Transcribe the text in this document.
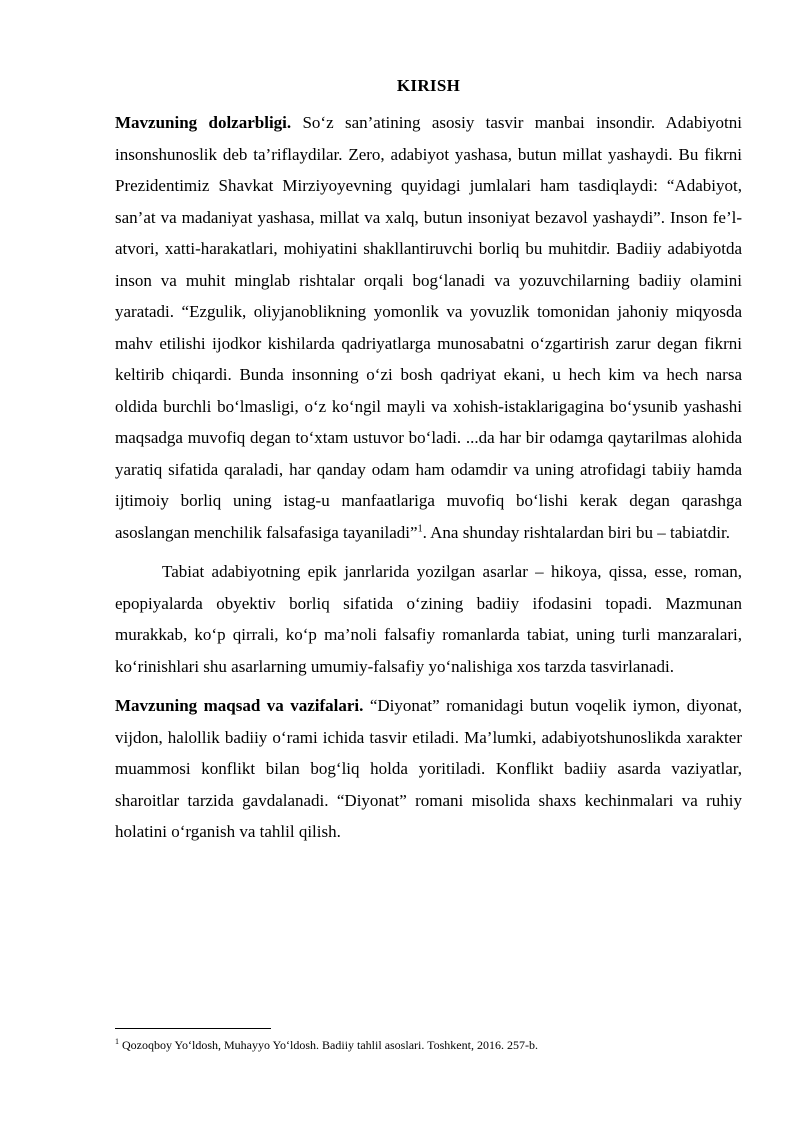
KIRISH

Mavzuning dolzarbligi. So‘z san’atining asosiy tasvir manbai insondir. Adabiyotni insonshunoslik deb ta’riflaydilar. Zero, adabiyot yashasa, butun millat yashaydi. Bu fikrni Prezidentimiz Shavkat Mirziyoyevning quyidagi jumlalari ham tasdiqlaydi: “Adabiyot, san’at va madaniyat yashasa, millat va xalq, butun insoniyat bezavol yashaydi”. Inson fe’l-atvori, xatti-harakatlari, mohiyatini shakllantiruvchi borliq bu muhitdir. Badiiy adabiyotda inson va muhit minglab rishtalar orqali bog‘lanadi va yozuvchilarning badiiy olamini yaratadi. “Ezgulik, oliyjanoblikning yomonlik va yovuzlik tomonidan jahoniy miqyosda mahv etilishi ijodkor kishilarda qadriyatlarga munosabatni o‘zgartirish zarur degan fikrni keltirib chiqardi. Bunda insonning o‘zi bosh qadriyat ekani, u hech kim va hech narsa oldida burchli bo‘lmasligi, o‘z ko‘ngil mayli va xohish-istaklarigagina bo‘ysunib yashashi maqsadga muvofiq degan to‘xtam ustuvor bo‘ladi. ...da har bir odamga qaytarilmas alohida yaratiq sifatida qaraladi, har qanday odam ham odamdir va uning atrofidagi tabiiy hamda ijtimoiy borliq uning istag-u manfaatlariga muvofiq bo‘lishi kerak degan qarashga asoslangan menchilik falsafasiga tayaniladi”$^1$. Ana shunday rishtalardan biri bu – tabiatdir.

Tabiat adabiyotning epik janrlarida yozilgan asarlar – hikoya, qissa, esse, roman, epopiyalarda obyektiv borliq sifatida o‘zining badiiy ifodasini topadi. Mazmunan murakkab, ko‘p qirrali, ko‘p ma’noli falsafiy romanlarda tabiat, uning turli manzaralari, ko‘rinishlari shu asarlarning umumiy-falsafiy yo‘nalishiga xos tarzda tasvirlanadi.

Mavzuning maqsad va vazifalari. “Diyonat” romanidagi butun voqelik iymon, diyonat, vijdon, halollik badiiy o‘rami ichida tasvir etiladi. Ma’lumki, adabiyotshunoslikda xarakter muammosi konflikt bilan bog‘liq holda yoritiladi. Konflikt badiiy asarda vaziyatlar, sharoitlar tarzida gavdalanadi. “Diyonat” romani misolida shaxs kechinmalari va ruhiy holatini o‘rganish va tahlil qilish.

$^1$ Qozoqboy Yo‘ldosh, Muhayyo Yo‘ldosh. Badiiy tahlil asoslari. Toshkent, 2016. 257-b.
